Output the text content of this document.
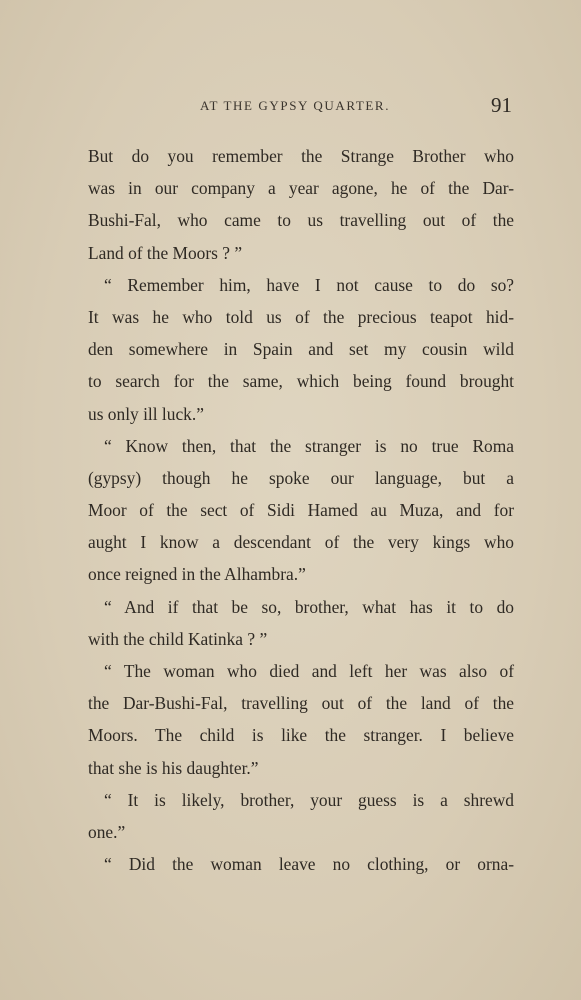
AT THE GYPSY QUARTER.	91
But do you remember the Strange Brother who
was in our company a year agone, he of the Dar-
Bushi-Fal, who came to us travelling out of the
Land of the Moors ? ”
“ Remember him, have I not cause to do so?
It was he who told us of the precious teapot hid-
den somewhere in Spain and set my cousin wild
to search for the same, which being found brought
us only ill luck.”
“ Know then, that the stranger is no true Roma
(gypsy) though he spoke our language, but a
Moor of the sect of Sidi Hamed au Muza, and for
aught I know a descendant of the very kings who
once reigned in the Alhambra.”
“ And if that be so, brother, what has it to do
with the child Katinka ? ”
“ The woman who died and left her was also of
the Dar-Bushi-Fal, travelling out of the land of the
Moors. The child is like the stranger. I believe
that she is his daughter.”
“ It is likely, brother, your guess is a shrewd
one.”
“ Did the woman leave no clothing, or orna-
